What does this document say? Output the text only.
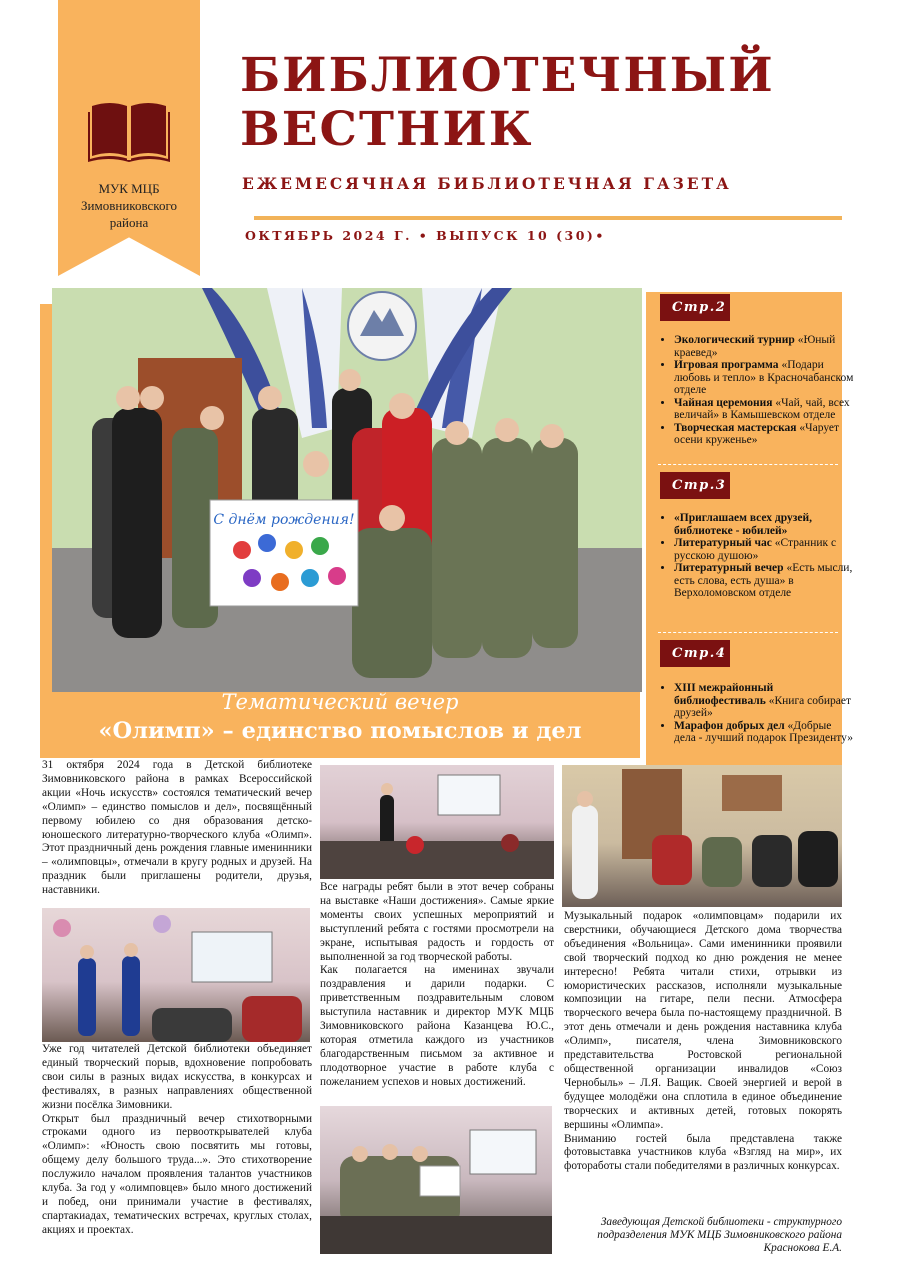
МУК МЦБ
Зимовниковского
района
БИБЛИОТЕЧНЫЙ
ВЕСТНИК
ЕЖЕМЕСЯЧНАЯ БИБЛИОТЕЧНАЯ ГАЗЕТА
ОКТЯБРЬ 2024 Г. • ВЫПУСК 10 (30)•
С днём рождения!
Тематический вечер
«Олимп» – единство помыслов и дел
Стр.2
• Экологический турнир «Юный краевед»
• Игровая программа «Подари любовь и тепло» в Красночабанском отделе
• Чайная церемония «Чай, чай, всех величай» в Камышевском отделе
• Творческая мастерская «Чарует осени круженье»
Стр.3
• «Приглашаем всех друзей, библиотеке - юбилей»
• Литературный час «Странник с русскою душою»
• Литературный вечер «Есть мысли, есть слова, есть душа» в Верхоломовском отделе
Стр.4
• XIII межрайонный библиофестиваль «Книга собирает друзей»
• Марафон добрых дел «Добрые дела - лучший подарок Президенту»

31 октября 2024 года в Детской библиотеке Зимовниковского района в рамках Всероссийской акции «Ночь искусств» состоялся тематический вечер «Олимп» – единство помыслов и дел», посвящённый первому юбилею со дня образования детско-юношеского литературно-творческого клуба «Олимп». Этот праздничный день рождения главные именинники – «олимповцы», отмечали в кругу родных и друзей. На праздник были приглашены родители, друзья, наставники.

Уже год читателей Детской библиотеки объединяет единый творческий порыв, вдохновение попробовать свои силы в разных видах искусства, в конкурсах и фестивалях, в разных направлениях общественной жизни посёлка Зимовники.

Открыт был праздничный вечер стихотворными строками одного из первооткрывателей клуба «Олимп»: «Юность свою посвятить мы готовы, общему делу большого труда...». Это стихотворение послужило началом проявления талантов участников клуба. За год у «олимповцев» было много достижений и побед, они принимали участие в фестивалях, спартакиадах, тематических встречах, круглых столах, акциях и проектах.

Все награды ребят были в этот вечер собраны на выставке «Наши достижения». Самые яркие моменты своих успешных мероприятий и выступлений ребята с гостями просмотрели на экране, испытывая радость и гордость от выполненной за год творческой работы.

Как полагается на именинах звучали поздравления и дарили подарки. С приветственным поздравительным словом выступила наставник и директор МУК МЦБ Зимовниковского района Казанцева Ю.С., которая отметила каждого из участников благодарственным письмом за активное и плодотворное участие в работе клуба с пожеланием успехов и новых достижений.

Музыкальный подарок «олимповцам» подарили их сверстники, обучающиеся Детского дома творчества объединения «Вольница». Сами именинники проявили свой творческий подход ко дню рождения не менее интересно! Ребята читали стихи, отрывки из юмористических рассказов, исполняли музыкальные композиции на гитаре, пели песни. Атмосфера творческого вечера была по-настоящему праздничной. В этот день отмечали и день рождения наставника клуба «Олимп», писателя, члена Зимовниковского представительства Ростовской региональной общественной организации инвалидов «Союз Чернобыль» – Л.Я. Ващик. Своей энергией и верой в будущее молодёжи она сплотила в единое объединение творческих и активных детей, готовых покорять вершины «Олимпа».

Вниманию гостей была представлена также фотовыставка участников клуба «Взгляд на мир», их фотоработы стали победителями в различных конкурсах.

Заведующая Детской библиотеки - структурного
подразделения МУК МЦБ Зимовниковского района
Краснокова Е.А.
